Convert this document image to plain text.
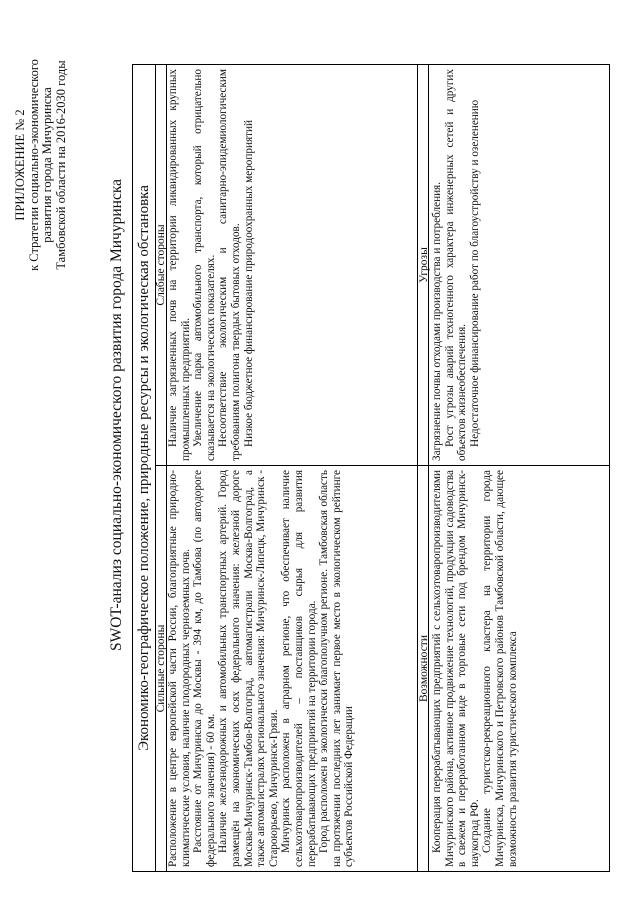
ПРИЛОЖЕНИЕ № 2 к Стратегии социально-экономического развития города Мичуринска Тамбовской области на 2016-2030 годы
SWOT-анализ социально-экономического развития города Мичуринска Экономико-географическое положение, природные ресурсы и экологическая обстановка Сильные стороны
Слабые стороны

Расположение в центре европейской части России, благоприятные природно-климатические условия, наличие плодородных черноземных почв. Расстояние от Мичуринска до Москвы - 394 км, до Тамбова (по автодороге федерального значения) - 60 км. Наличие железнодорожных и автомобильных транспортных артерий. Город размещён на экономических осях федерального значения: железной дороге Москва-Мичуринск-Тамбов-Волгоград, автомагистрали Москва-Волгоград, а также автомагистралях регионального значения: Мичуринск-Липецк, Мичуринск - Староюрьево, Мичуринск-Грязи. Мичуринск расположен в аграрном регионе, что обеспечивает наличие сельхозтоваропроизводителей – поставщиков сырья для развития перерабатывающих предприятий на территории города. Город расположен в экологически благополучном регионе. Тамбовская область на протяжении последних лет занимает первое место в экологическом рейтинге субъектов Российской Федерации

Наличие загрязненных почв на территории ликвидированных крупных промышленных предприятий. Увеличение парка автомобильного транспорта, который отрицательно сказывается на экологических показателях. Несоответствие экологическим и санитарно-эпидемиологическим требованиям полигона твердых бытовых отходов. Низкое бюджетное финансирование природоохранных мероприятий

Возможности
Угрозы

Кооперация перерабатывающих предприятий с сельхозтоваропроизводителями Мичуринского района, активное продвижение технологий, продукции садоводства в свежем и переработанном виде в торговые сети под брендом Мичуринск-наукоград РФ. Создание туристско-рекреационного кластера на территории города Мичуринска, Мичуринского и Петровского районов Тамбовской области, дающее возможность развития туристического комплекса

Загрязнение почвы отходами производства и потребления. Рост угрозы аварий техногенного характера инженерных сетей и других объектов жизнеобеспечения. Недостаточное финансирование работ по благоустройству и озеленению
